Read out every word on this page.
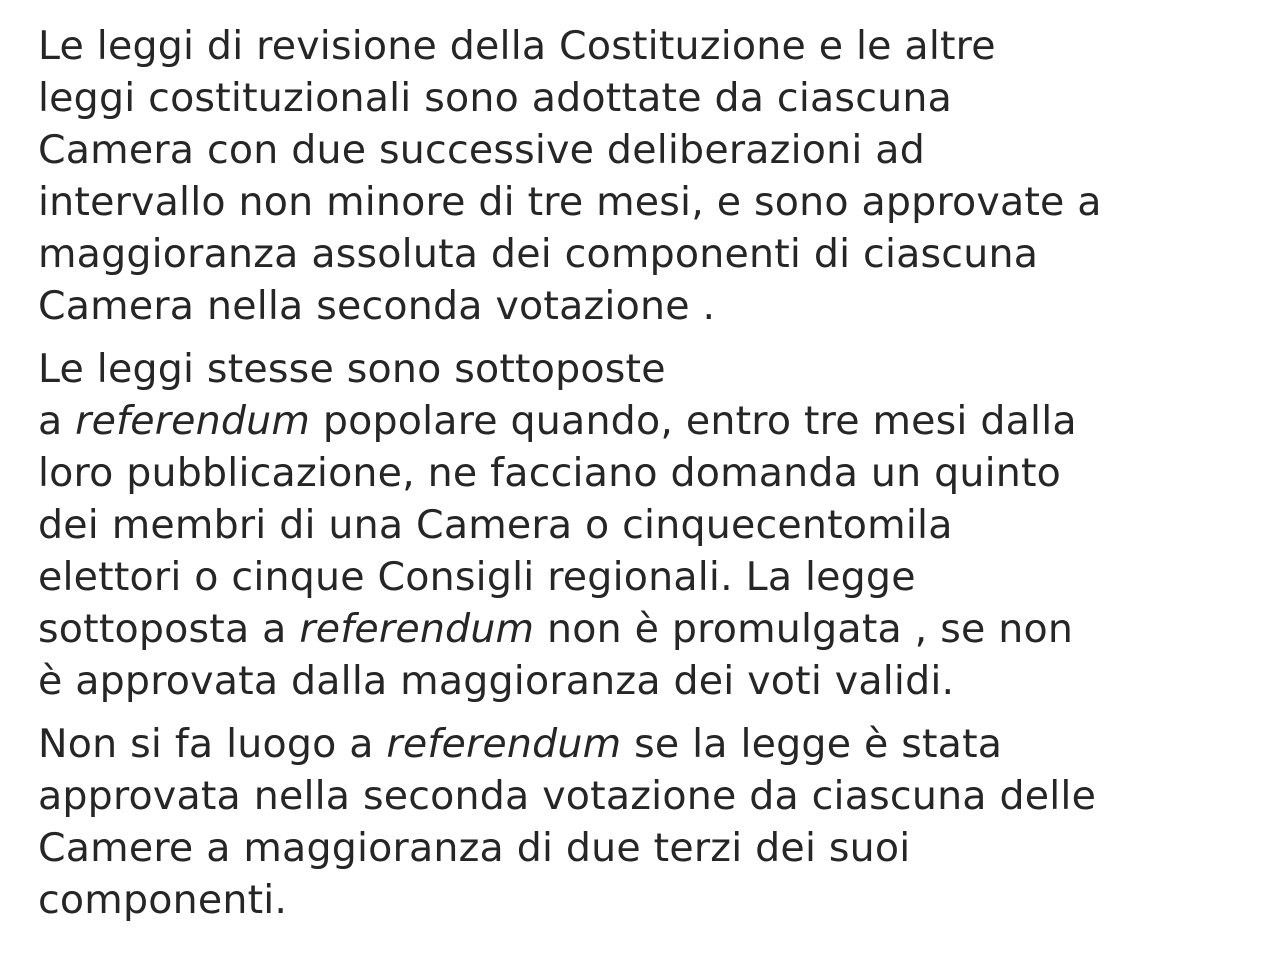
Le leggi di revisione della Costituzione e le altre
leggi costituzionali sono adottate da ciascuna
Camera con due successive deliberazioni ad
intervallo non minore di tre mesi, e sono approvate a
maggioranza assoluta dei componenti di ciascuna
Camera nella seconda votazione .

Le leggi stesse sono sottoposte
a referendum popolare quando, entro tre mesi dalla
loro pubblicazione, ne facciano domanda un quinto
dei membri di una Camera o cinquecentomila
elettori o cinque Consigli regionali. La legge
sottoposta a referendum non è promulgata , se non
è approvata dalla maggioranza dei voti validi.

Non si fa luogo a referendum se la legge è stata
approvata nella seconda votazione da ciascuna delle
Camere a maggioranza di due terzi dei suoi
componenti.
